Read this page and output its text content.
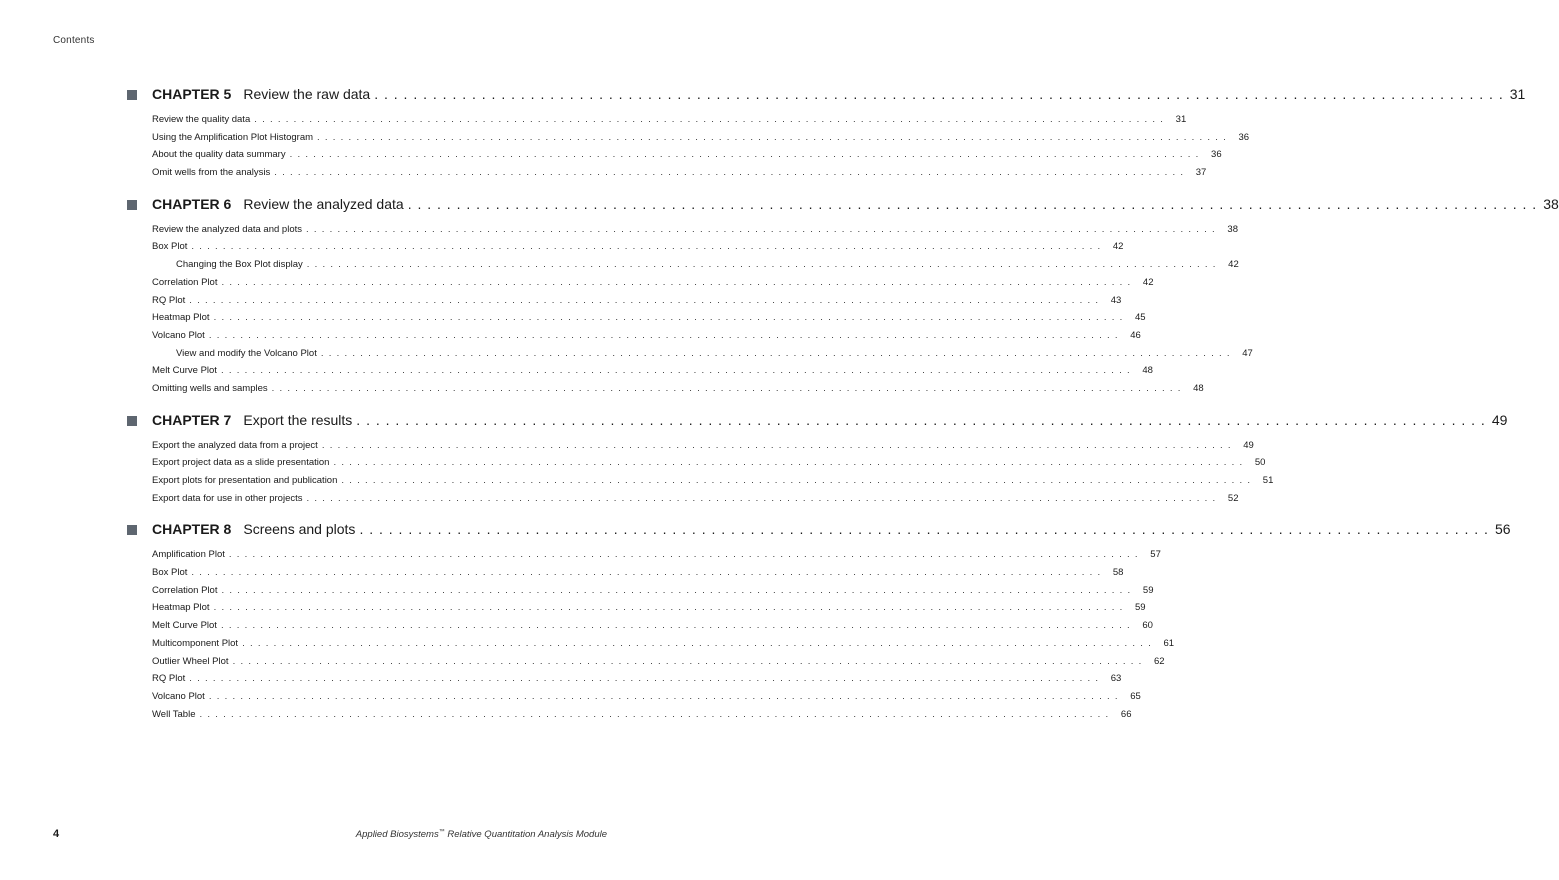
Contents
CHAPTER 5 Review the raw data . . . . . . . . . . . . . . . . . . . . . . . . . . . . . . . . . . . . . . . . . . . . . . . . . . . . . . . . . . . . . . . . . . . . . . . . . . . . . . . . . . . . . . . . . . . . . . . . . . . . . . . . . . . . . . . . . . . . 31
Review the quality data . . . . . . . . . . . . . . . . . . . . . . . . . . . . . . . . . . . . . . . . . . . . . . . . . . . . . . . . . . . . . . . . . . . . . . . . . . . . . . . . . . . . . . . . . . . . . . . . . . . . . . . . . . . . . . . . . . . .	31
Using the Amplification Plot Histogram . . . . . . . . . . . . . . . . . . . . . . . . . . . . . . . . . . . . . . . . . . . . . . . . . . . . . . . . . . . . . . . . . . . . . . . . . . . . . . . . . . . . . . . . . . . . . . . . . . . . . . . . . . . . . . . . . . . .	36
About the quality data summary . . . . . . . . . . . . . . . . . . . . . . . . . . . . . . . . . . . . . . . . . . . . . . . . . . . . . . . . . . . . . . . . . . . . . . . . . . . . . . . . . . . . . . . . . . . . . . . . . . . . . . . . . . . . . . . . . . . .	36
Omit wells from the analysis . . . . . . . . . . . . . . . . . . . . . . . . . . . . . . . . . . . . . . . . . . . . . . . . . . . . . . . . . . . . . . . . . . . . . . . . . . . . . . . . . . . . . . . . . . . . . . . . . . . . . . . . . . . . . . . . . . . .	37
CHAPTER 6 Review the analyzed data . . . . . . . . . . . . . . . . . . . . . . . . . . . . . . . . . . . . . . . . . . . . . . . . . . . . . . . . . . . . . . . . . . . . . . . . . . . . . . . . . . . . . . . . . . . . . . . . . . . . . . . . . . . . . . . . . . . . 38
Review the analyzed data and plots . . . . . . . . . . . . . . . . . . . . . . . . . . . . . . . . . . . . . . . . . . . . . . . . . . . . . . . . . . . . . . . . . . . . . . . . . . . . . . . . . . . . . . . . . . . . . . . . . . . . . . . . . . . . . . . . . . . .	38
Box Plot . . . . . . . . . . . . . . . . . . . . . . . . . . . . . . . . . . . . . . . . . . . . . . . . . . . . . . . . . . . . . . . . . . . . . . . . . . . . . . . . . . . . . . . . . . . . . . . . . . . . . . . . . . . . . . . . . . . .	42
Changing the Box Plot display . . . . . . . . . . . . . . . . . . . . . . . . . . . . . . . . . . . . . . . . . . . . . . . . . . . . . . . . . . . . . . . . . . . . . . . . . . . . . . . . . . . . . . . . . . . . . . . . . . . . . . . . . . . . . . . . . . . .	42
Correlation Plot . . . . . . . . . . . . . . . . . . . . . . . . . . . . . . . . . . . . . . . . . . . . . . . . . . . . . . . . . . . . . . . . . . . . . . . . . . . . . . . . . . . . . . . . . . . . . . . . . . . . . . . . . . . . . . . . . . . .	42
RQ Plot . . . . . . . . . . . . . . . . . . . . . . . . . . . . . . . . . . . . . . . . . . . . . . . . . . . . . . . . . . . . . . . . . . . . . . . . . . . . . . . . . . . . . . . . . . . . . . . . . . . . . . . . . . . . . . . . . . . .	43
Heatmap Plot . . . . . . . . . . . . . . . . . . . . . . . . . . . . . . . . . . . . . . . . . . . . . . . . . . . . . . . . . . . . . . . . . . . . . . . . . . . . . . . . . . . . . . . . . . . . . . . . . . . . . . . . . . . . . . . . . . . .	45
Volcano Plot . . . . . . . . . . . . . . . . . . . . . . . . . . . . . . . . . . . . . . . . . . . . . . . . . . . . . . . . . . . . . . . . . . . . . . . . . . . . . . . . . . . . . . . . . . . . . . . . . . . . . . . . . . . . . . . . . . . .	46
View and modify the Volcano Plot . . . . . . . . . . . . . . . . . . . . . . . . . . . . . . . . . . . . . . . . . . . . . . . . . . . . . . . . . . . . . . . . . . . . . . . . . . . . . . . . . . . . . . . . . . . . . . . . . . . . . . . . . . . . . . . . . . . .	47
Melt Curve Plot . . . . . . . . . . . . . . . . . . . . . . . . . . . . . . . . . . . . . . . . . . . . . . . . . . . . . . . . . . . . . . . . . . . . . . . . . . . . . . . . . . . . . . . . . . . . . . . . . . . . . . . . . . . . . . . . . . . .	48
Omitting wells and samples . . . . . . . . . . . . . . . . . . . . . . . . . . . . . . . . . . . . . . . . . . . . . . . . . . . . . . . . . . . . . . . . . . . . . . . . . . . . . . . . . . . . . . . . . . . . . . . . . . . . . . . . . . . . . . . . . . . .	48
CHAPTER 7 Export the results . . . . . . . . . . . . . . . . . . . . . . . . . . . . . . . . . . . . . . . . . . . . . . . . . . . . . . . . . . . . . . . . . . . . . . . . . . . . . . . . . . . . . . . . . . . . . . . . . . . . . . . . . . . . . . . . . . . . 49
Export the analyzed data from a project . . . . . . . . . . . . . . . . . . . . . . . . . . . . . . . . . . . . . . . . . . . . . . . . . . . . . . . . . . . . . . . . . . . . . . . . . . . . . . . . . . . . . . . . . . . . . . . . . . . . . . . . . . . . . . . . . . . .	49
Export project data as a slide presentation . . . . . . . . . . . . . . . . . . . . . . . . . . . . . . . . . . . . . . . . . . . . . . . . . . . . . . . . . . . . . . . . . . . . . . . . . . . . . . . . . . . . . . . . . . . . . . . . . . . . . . . . . . . . . . . . . . . .	50
Export plots for presentation and publication . . . . . . . . . . . . . . . . . . . . . . . . . . . . . . . . . . . . . . . . . . . . . . . . . . . . . . . . . . . . . . . . . . . . . . . . . . . . . . . . . . . . . . . . . . . . . . . . . . . . . . . . . . . . . . . . . . . .	51
Export data for use in other projects . . . . . . . . . . . . . . . . . . . . . . . . . . . . . . . . . . . . . . . . . . . . . . . . . . . . . . . . . . . . . . . . . . . . . . . . . . . . . . . . . . . . . . . . . . . . . . . . . . . . . . . . . . . . . . . . . . . .	52
CHAPTER 8 Screens and plots . . . . . . . . . . . . . . . . . . . . . . . . . . . . . . . . . . . . . . . . . . . . . . . . . . . . . . . . . . . . . . . . . . . . . . . . . . . . . . . . . . . . . . . . . . . . . . . . . . . . . . . . . . . . . . . . . . . . 56
Amplification Plot . . . . . . . . . . . . . . . . . . . . . . . . . . . . . . . . . . . . . . . . . . . . . . . . . . . . . . . . . . . . . . . . . . . . . . . . . . . . . . . . . . . . . . . . . . . . . . . . . . . . . . . . . . . . . . . . . . . .	57
Box Plot . . . . . . . . . . . . . . . . . . . . . . . . . . . . . . . . . . . . . . . . . . . . . . . . . . . . . . . . . . . . . . . . . . . . . . . . . . . . . . . . . . . . . . . . . . . . . . . . . . . . . . . . . . . . . . . . . . . .	58
Correlation Plot . . . . . . . . . . . . . . . . . . . . . . . . . . . . . . . . . . . . . . . . . . . . . . . . . . . . . . . . . . . . . . . . . . . . . . . . . . . . . . . . . . . . . . . . . . . . . . . . . . . . . . . . . . . . . . . . . . . .	59
Heatmap Plot . . . . . . . . . . . . . . . . . . . . . . . . . . . . . . . . . . . . . . . . . . . . . . . . . . . . . . . . . . . . . . . . . . . . . . . . . . . . . . . . . . . . . . . . . . . . . . . . . . . . . . . . . . . . . . . . . . . .	59
Melt Curve Plot . . . . . . . . . . . . . . . . . . . . . . . . . . . . . . . . . . . . . . . . . . . . . . . . . . . . . . . . . . . . . . . . . . . . . . . . . . . . . . . . . . . . . . . . . . . . . . . . . . . . . . . . . . . . . . . . . . . .	60
Multicomponent Plot . . . . . . . . . . . . . . . . . . . . . . . . . . . . . . . . . . . . . . . . . . . . . . . . . . . . . . . . . . . . . . . . . . . . . . . . . . . . . . . . . . . . . . . . . . . . . . . . . . . . . . . . . . . . . . . . . . . .	61
Outlier Wheel Plot . . . . . . . . . . . . . . . . . . . . . . . . . . . . . . . . . . . . . . . . . . . . . . . . . . . . . . . . . . . . . . . . . . . . . . . . . . . . . . . . . . . . . . . . . . . . . . . . . . . . . . . . . . . . . . . . . . . .	62
RQ Plot . . . . . . . . . . . . . . . . . . . . . . . . . . . . . . . . . . . . . . . . . . . . . . . . . . . . . . . . . . . . . . . . . . . . . . . . . . . . . . . . . . . . . . . . . . . . . . . . . . . . . . . . . . . . . . . . . . . .	63
Volcano Plot . . . . . . . . . . . . . . . . . . . . . . . . . . . . . . . . . . . . . . . . . . . . . . . . . . . . . . . . . . . . . . . . . . . . . . . . . . . . . . . . . . . . . . . . . . . . . . . . . . . . . . . . . . . . . . . . . . . .	65
Well Table . . . . . . . . . . . . . . . . . . . . . . . . . . . . . . . . . . . . . . . . . . . . . . . . . . . . . . . . . . . . . . . . . . . . . . . . . . . . . . . . . . . . . . . . . . . . . . . . . . . . . . . . . . . . . . . . . . . .	66
4	Applied Biosystems™ Relative Quantitation Analysis Module
